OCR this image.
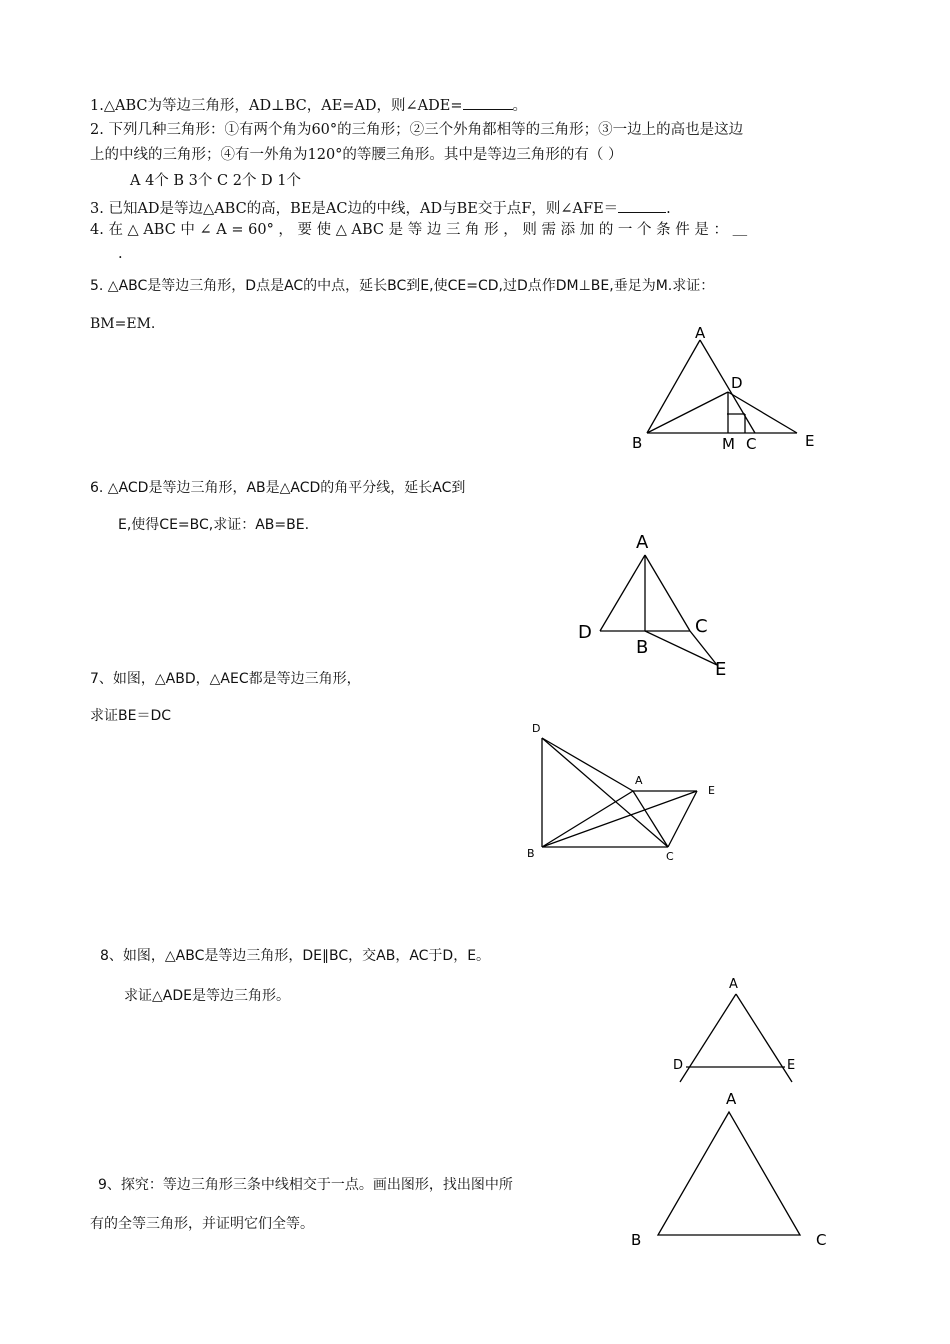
1.△ABC为等边三角形，AD⊥BC，AE=AD，则∠ADE=	。
2. 下列几种三角形：①有两个角为60°的三角形；②三个外角都相等的三角形；③一边上的高也是这边
上的中线的三角形；④有一外角为120°的等腰三角形。其中是等边三角形的有（ ）
A 4个 B 3个 C 2个 D 1个
3. 已知AD是等边△ABC的高，BE是AC边的中线，AD与BE交于点F，则∠AFE＝	.
4. 在 △ ABC 中 ∠ A = 60° ， 要 使 △ ABC 是 等 边 三 角 形 ， 则 需 添 加 的 一 个 条 件 是 ： ＿
.
5. △ABC是等边三角形，D点是AC的中点，延长BC到E,使CE=CD,过D点作DM⊥BE,垂足为M.求证：
BM=EM.	A
D
B	M C	E
6. △ACD是等边三角形，AB是△ACD的角平分线，延长AC到
E,使得CE=BC,求证：AB=BE.
A
D
B
C
E
7、如图，△ABD，△AEC都是等边三角形，
求证BE＝DC
D
A
E
B	C
8、如图，△ABC是等边三角形，DE∥BC，交AB，AC于D，E。
求证△ADE是等边三角形。
A
D	E
9、探究：等边三角形三条中线相交于一点。画出图形，找出图中所
有的全等三角形，并证明它们全等。
A
B	C
